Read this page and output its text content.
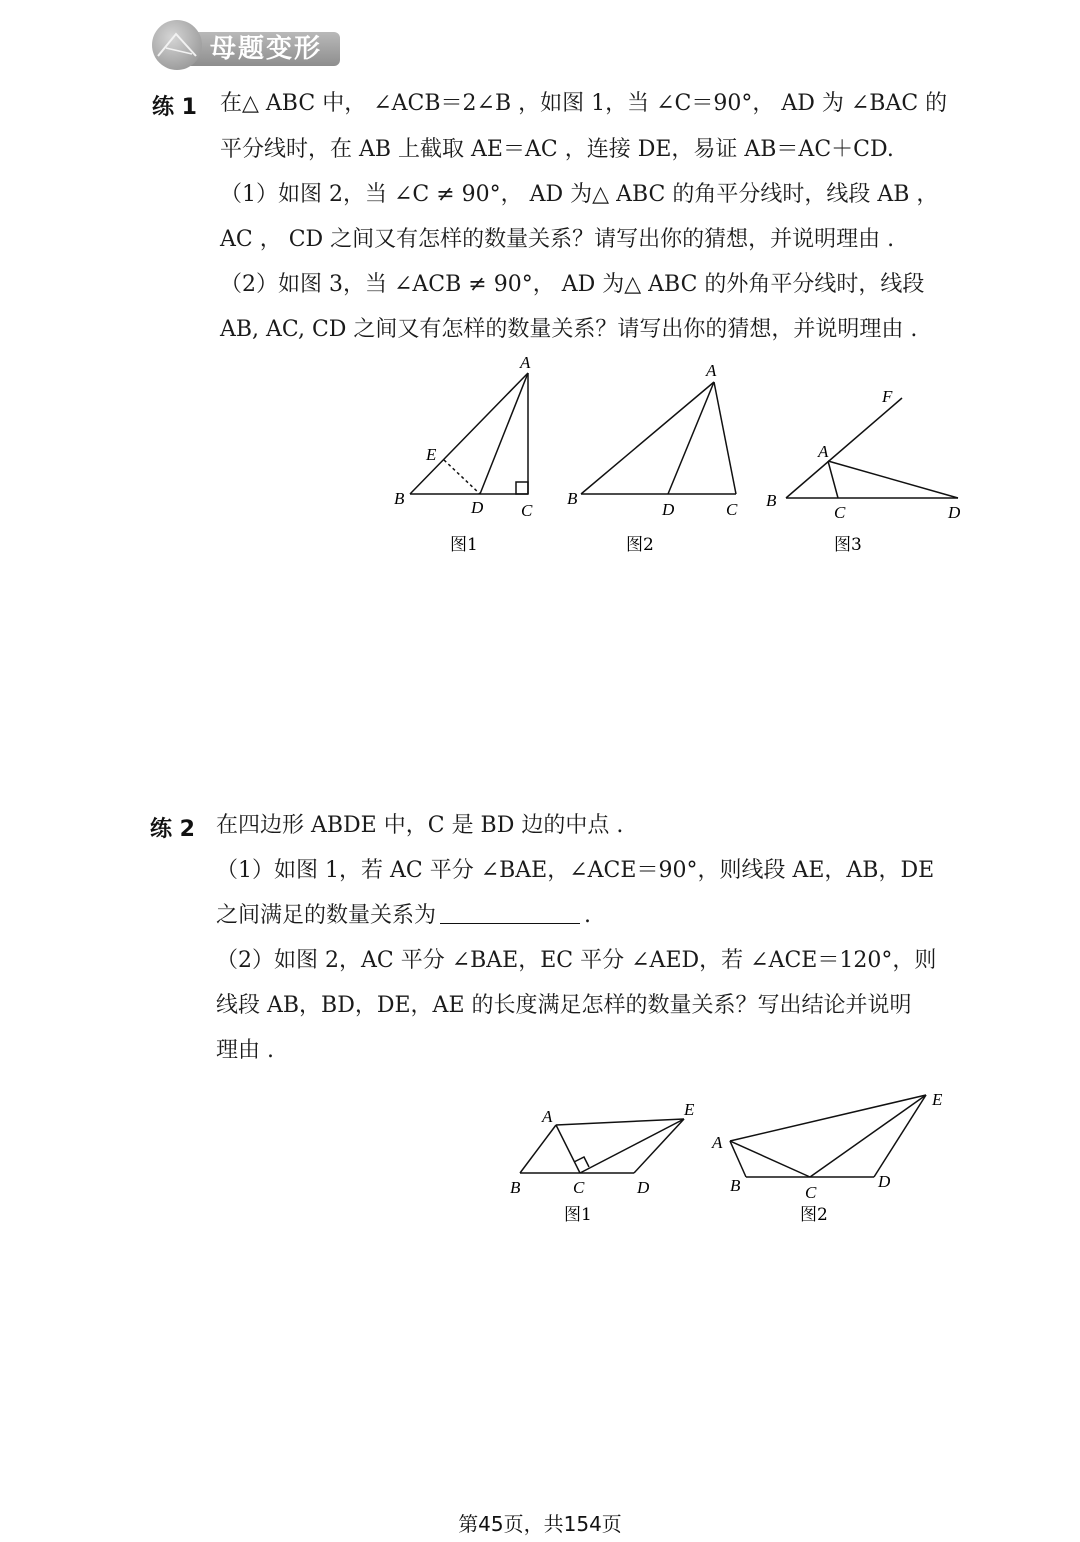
母题变形
练 1 在△ ABC 中， ∠ACB＝2∠B ，如图 1，当 ∠C＝90°， AD 为 ∠BAC 的
平分线时，在 AB 上截取 AE＝AC ，连接 DE，易证 AB＝AC＋CD.
（1）如图 2，当 ∠C ≠ 90°， AD 为△ ABC 的角平分线时，线段 AB ，
AC ， CD 之间又有怎样的数量关系？请写出你的猜想，并说明理由 .
（2）如图 3，当 ∠ACB ≠ 90°， AD 为△ ABC 的外角平分线时，线段
AB, AC, CD 之间又有怎样的数量关系？请写出你的猜想，并说明理由 .
A
B
C
D
E
图1
A
B
C
D
图2
F
A
B
C	D
图3
练 2 在四边形 ABDE 中，C 是 BD 边的中点 .
（1）如图 1，若 AC 平分 ∠BAE，∠ACE＝90°，则线段 AE，AB，DE
之间满足的数量关系为	.
（2）如图 2，AC 平分 ∠BAE，EC 平分 ∠AED，若 ∠ACE＝120°，则
线段 AB，BD，DE，AE 的长度满足怎样的数量关系？写出结论并说明
理由 .
A	E
B	C	D
图1
A
E
B	C
D
图2
第45页，共154页
